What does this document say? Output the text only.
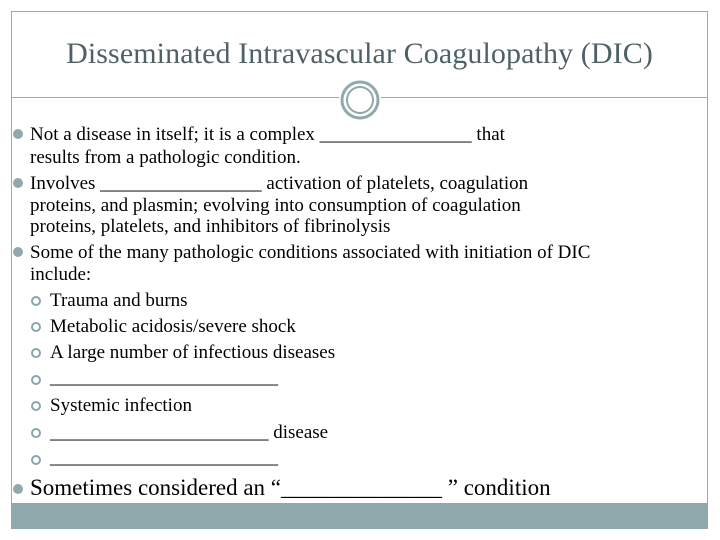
Disseminated Intravascular Coagulopathy (DIC)
Not a disease in itself; it is a complex ________________ that
results from a pathologic condition.
Involves _________________ activation of platelets, coagulation
proteins, and plasmin; evolving into consumption of coagulation
proteins, platelets, and inhibitors of fibrinolysis
Some of the many pathologic conditions associated with initiation of DIC
include:
Trauma and burns
Metabolic acidosis/severe shock
A large number of infectious diseases
________________________
Systemic infection
_______________________ disease
________________________
Sometimes considered an “______________ ” condition
